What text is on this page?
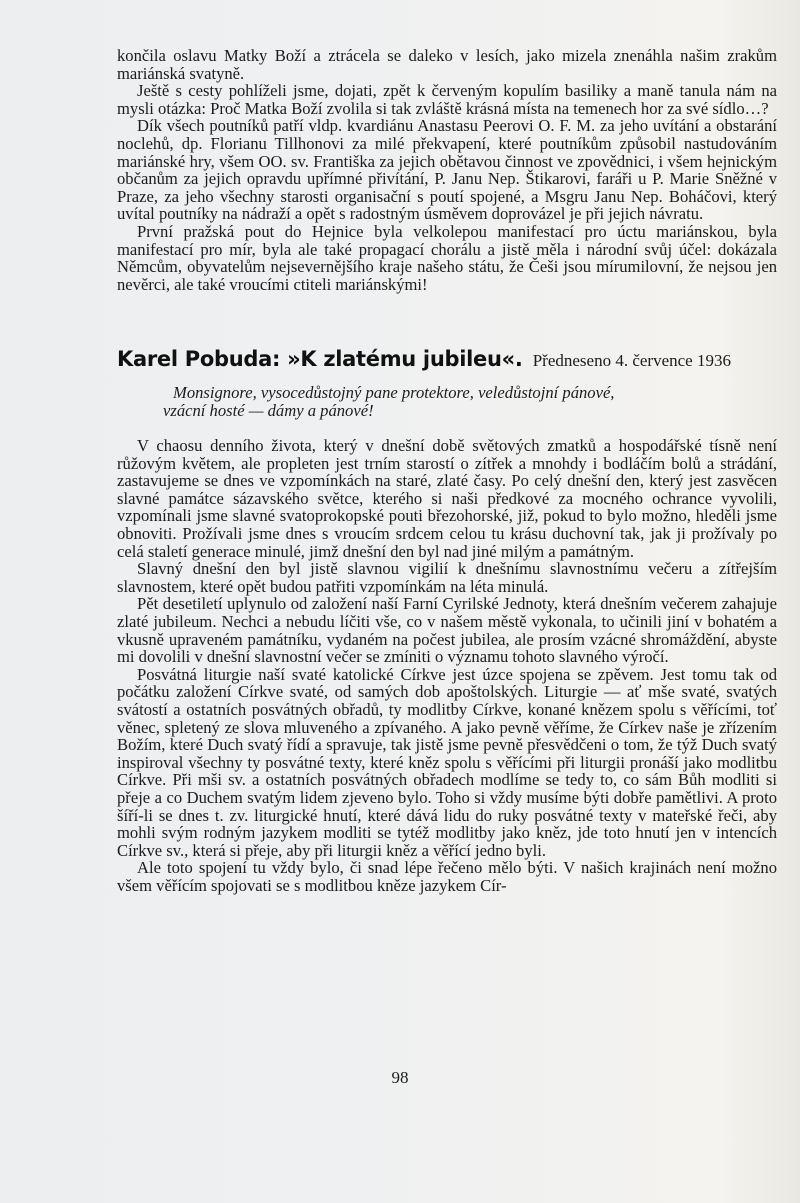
končila oslavu Matky Boží a ztrácela se daleko v lesích, jako mizela znenáhla našim zrakům mariánská svatyně.

Ještě s cesty pohlíželi jsme, dojati, zpět k červeným kopulím basiliky a maně tanula nám na mysli otázka: Proč Matka Boží zvolila si tak zvláště krásná místa na temenech hor za své sídlo…?

Dík všech poutníků patří vldp. kvardiánu Anastasu Peerovi O. F. M. za jeho uvítání a obstarání noclehů, dp. Florianu Tillhonovi za milé překvapení, které poutníkům způsobil nastudováním mariánské hry, všem OO. sv. Františka za jejich obětavou činnost ve zpovědnici, i všem hejnickým občanům za jejich opravdu upřímné přivítání, P. Janu Nep. Štikarovi, faráři u P. Marie Sněžné v Praze, za jeho všechny starosti organisační s poutí spojené, a Msgru Janu Nep. Boháčovi, který uvítal poutníky na nádraží a opět s radostným úsměvem doprovázel je při jejich návratu.

První pražská pout do Hejnice byla velkolepou manifestací pro úctu mariánskou, byla manifestací pro mír, byla ale také propagací chorálu a jistě měla i národní svůj účel: dokázala Němcům, obyvatelům nejsevernějšího kraje našeho státu, že Češi jsou mírumilovní, že nejsou jen nevěrci, ale také vroucími ctiteli mariánskými!

Karel Pobuda: »K zlatému jubileu«. Předneseno 4. července 1936

Monsignore, vysocedůstojný pane protektore, veledůstojní pánové,
vzácní hosté — dámy a pánové!

V chaosu denního života, který v dnešní době světových zmatků a hospodářské tísně není růžovým květem, ale propleten jest trním starostí o zítřek a mnohdy i bodláčím bolů a strádání, zastavujeme se dnes ve vzpomínkách na staré, zlaté časy. Po celý dnešní den, který jest zasvěcen slavné památce sázavského světce, kterého si naši předkové za mocného ochrance vyvolili, vzpomínali jsme slavné svatoprokopské pouti březohorské, již, pokud to bylo možno, hleděli jsme obnoviti. Prožívali jsme dnes s vroucím srdcem celou tu krásu duchovní tak, jak ji prožívaly po celá staletí generace minulé, jimž dnešní den byl nad jiné milým a památným.

Slavný dnešní den byl jistě slavnou vigilií k dnešnímu slavnostnímu večeru a zítřejším slavnostem, které opět budou patřiti vzpomínkám na léta minulá.

Pět desetiletí uplynulo od založení naší Farní Cyrilské Jednoty, která dnešním večerem zahajuje zlaté jubileum. Nechci a nebudu líčiti vše, co v našem městě vykonala, to učinili jiní v bohatém a vkusně upraveném památníku, vydaném na počest jubilea, ale prosím vzácné shromáždění, abyste mi dovolili v dnešní slavnostní večer se zmíniti o významu tohoto slavného výročí.

Posvátná liturgie naší svaté katolické Církve jest úzce spojena se zpěvem. Jest tomu tak od počátku založení Církve svaté, od samých dob apoštolských. Liturgie — ať mše svaté, svatých svátostí a ostatních posvátných obřadů, ty modlitby Církve, konané knězem spolu s věřícími, toť věnec, spletený ze slova mluveného a zpívaného. A jako pevně věříme, že Církev naše je zřízením Božím, které Duch svatý řídí a spravuje, tak jistě jsme pevně přesvědčeni o tom, že týž Duch svatý inspiroval všechny ty posvátné texty, které kněz spolu s věřícími při liturgii pronáší jako modlitbu Církve. Při mši sv. a ostatních posvátných obřadech modlíme se tedy to, co sám Bůh modliti si přeje a co Duchem svatým lidem zjeveno bylo. Toho si vždy musíme býti dobře pamětlivi. A proto šíří-li se dnes t. zv. liturgické hnutí, které dává lidu do ruky posvátné texty v mateřské řeči, aby mohli svým rodným jazykem modliti se tytéž modlitby jako kněz, jde toto hnutí jen v intencích Církve sv., která si přeje, aby při liturgii kněz a věřící jedno byli.

Ale toto spojení tu vždy bylo, či snad lépe řečeno mělo býti. V našich krajinách není možno všem věřícím spojovati se s modlitbou kněze jazykem Cír-

98
